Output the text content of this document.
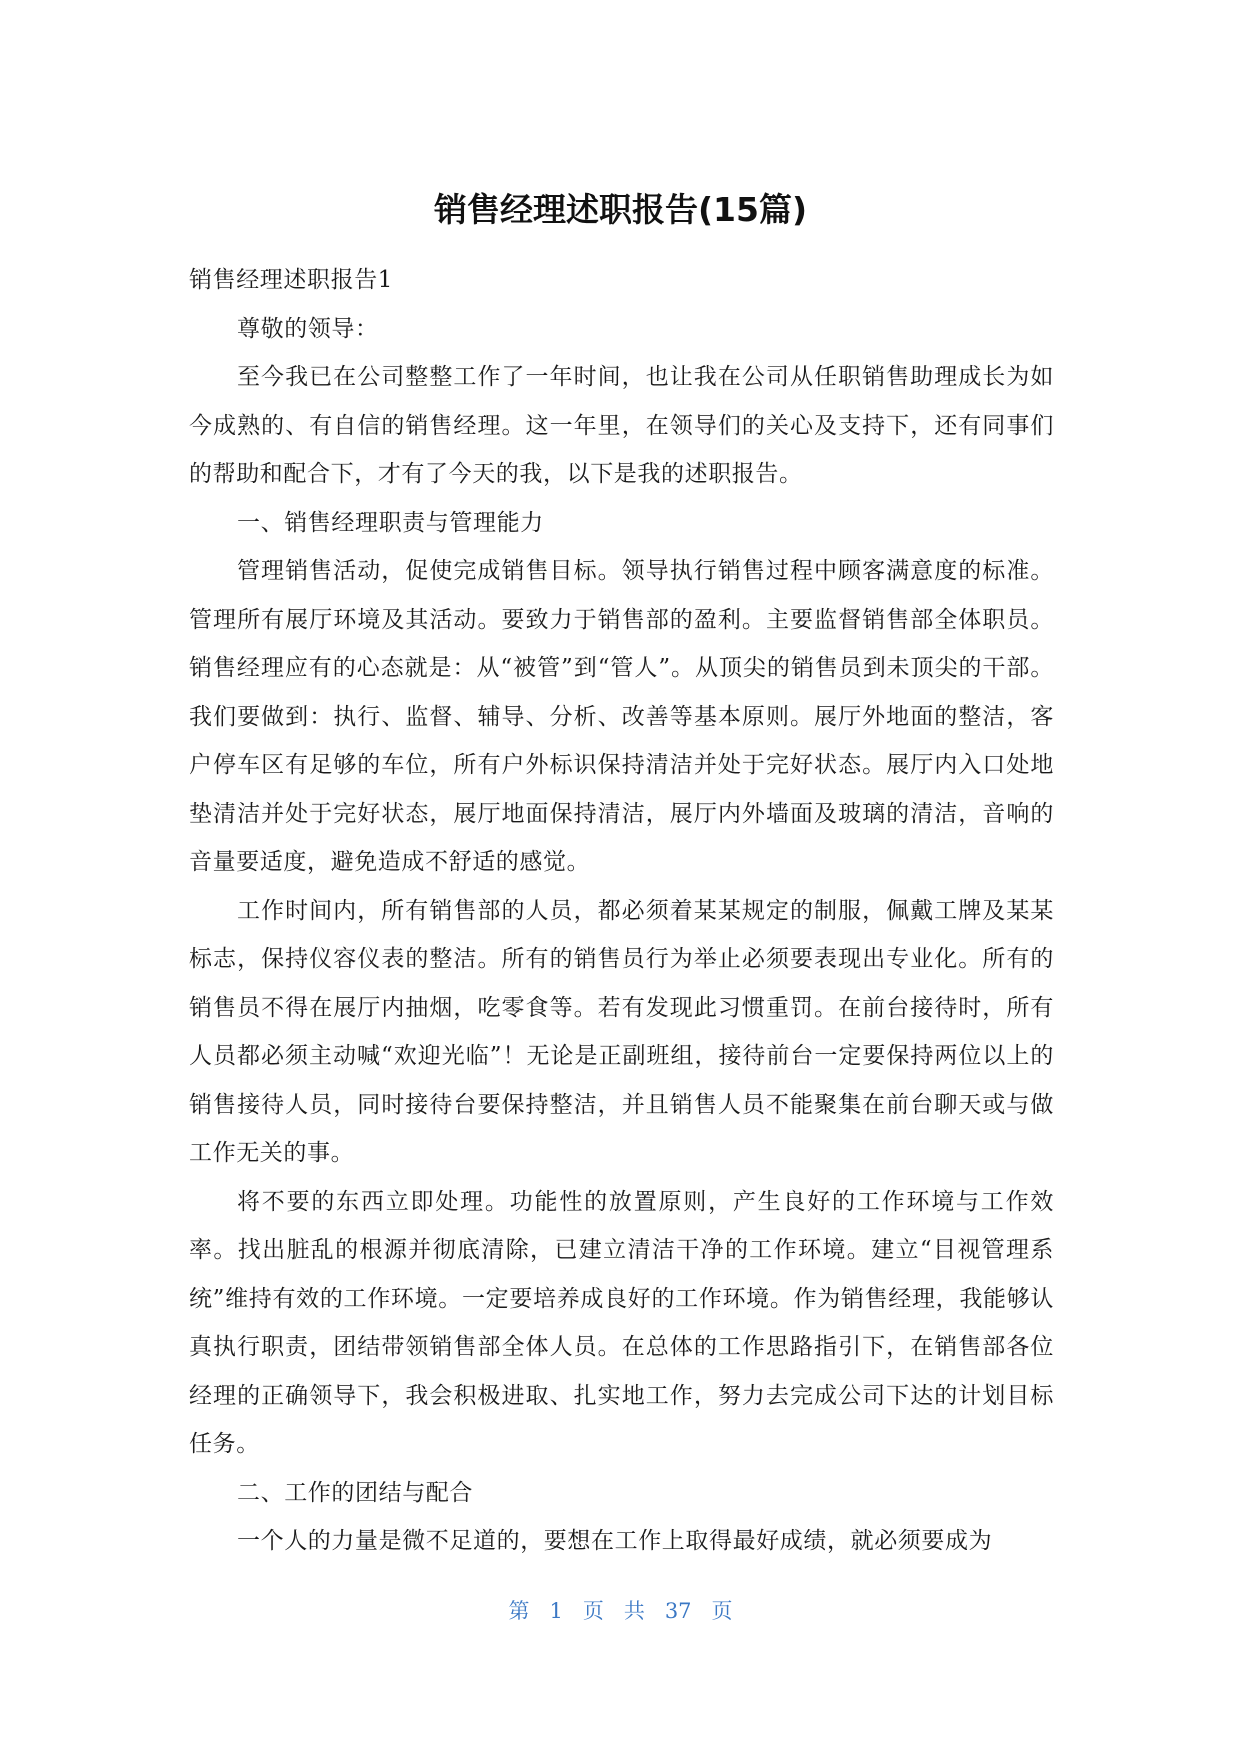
销售经理述职报告(15篇)

销售经理述职报告1

尊敬的领导：

至今我已在公司整整工作了一年时间，也让我在公司从任职销售助理成长为如今成熟的、有自信的销售经理。这一年里，在领导们的关心及支持下，还有同事们的帮助和配合下，才有了今天的我，以下是我的述职报告。

一、销售经理职责与管理能力

管理销售活动，促使完成销售目标。领导执行销售过程中顾客满意度的标准。管理所有展厅环境及其活动。要致力于销售部的盈利。主要监督销售部全体职员。销售经理应有的心态就是：从“被管”到“管人”。从顶尖的销售员到未顶尖的干部。我们要做到：执行、监督、辅导、分析、改善等基本原则。展厅外地面的整洁，客户停车区有足够的车位，所有户外标识保持清洁并处于完好状态。展厅内入口处地垫清洁并处于完好状态，展厅地面保持清洁，展厅内外墙面及玻璃的清洁，音响的音量要适度，避免造成不舒适的感觉。

工作时间内，所有销售部的人员，都必须着某某规定的制服，佩戴工牌及某某标志，保持仪容仪表的整洁。所有的销售员行为举止必须要表现出专业化。所有的销售员不得在展厅内抽烟，吃零食等。若有发现此习惯重罚。在前台接待时，所有人员都必须主动喊“欢迎光临”！无论是正副班组，接待前台一定要保持两位以上的销售接待人员，同时接待台要保持整洁，并且销售人员不能聚集在前台聊天或与做工作无关的事。

将不要的东西立即处理。功能性的放置原则，产生良好的工作环境与工作效率。找出脏乱的根源并彻底清除，已建立清洁干净的工作环境。建立“目视管理系统”维持有效的工作环境。一定要培养成良好的工作环境。作为销售经理，我能够认真执行职责，团结带领销售部全体人员。在总体的工作思路指引下，在销售部各位经理的正确领导下，我会积极进取、扎实地工作，努力去完成公司下达的计划目标任务。

二、工作的团结与配合

一个人的力量是微不足道的，要想在工作上取得最好成绩，就必须要成为

第 1 页 共 37 页
